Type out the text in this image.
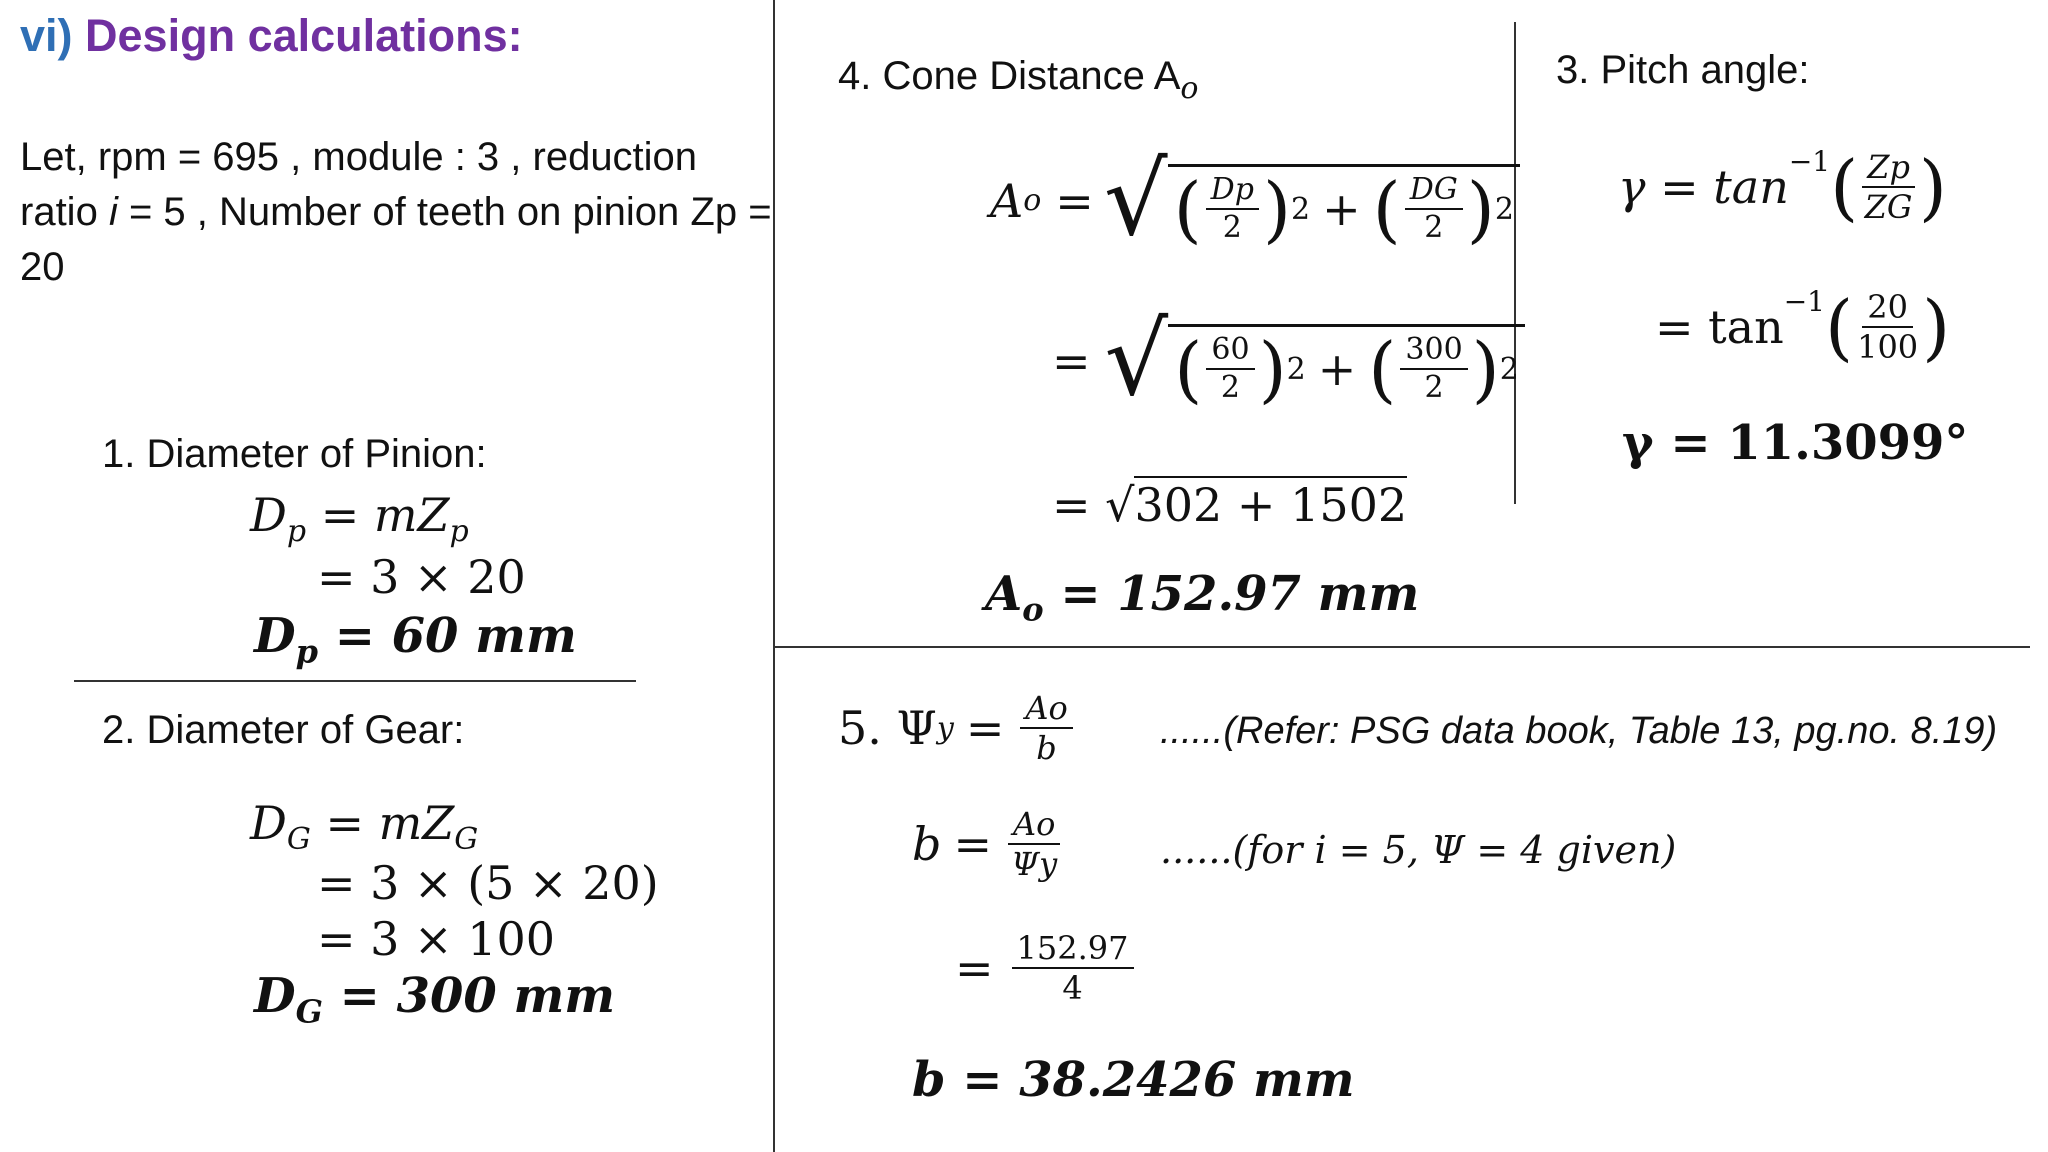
vi) Design calculations:
Let, rpm = 695 , module : 3 , reduction ratio i = 5 , Number of teeth on pinion Zp = 20
1. Diameter of Pinion:
$D_p = mZ_p$
= 3 × 20
$D_p = 60$ mm
2. Diameter of Gear:
$D_G = mZ_G$
= 3 × (5 × 20)
= 3 × 100
$D_G = 300$ mm
4. Cone Distance $A_o$
A o = √ ( Dp
2 ) 2 + ( DG
2 ) 2
= √ ( 60
2 ) 2 + ( 300
2 ) 2
= √302 + 1502
$A_o = 152.97$ mm
3. Pitch angle:
$\gamma = \tan^{-1}$ ( Zp
ZG )
= $\tan^{-1}$ ( 20
100 )
γ = 11.3099°
5. Ψ $y = \frac{Ao}{b}$ ......(Refer: PSG data book, Table 13, pg.no. 8.19)
$b = \frac{Ao}{\Psi y}$	......(for i = 5, Ψ = 4 given)
= $\frac{152.97}{4}$
b = 38.2426 mm
